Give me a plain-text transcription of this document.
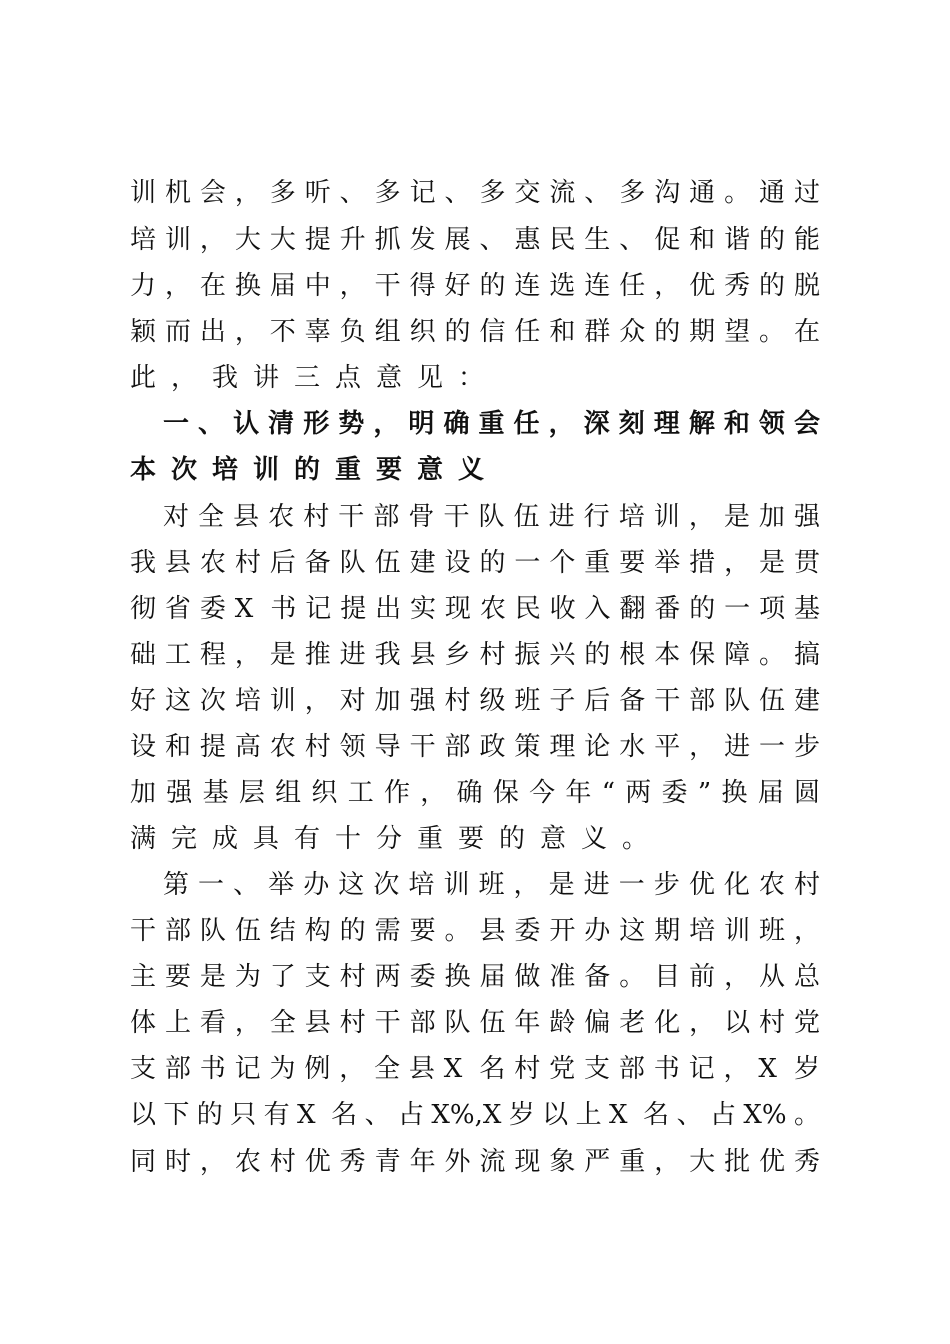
训机会，多听、多记、多交流、多沟通。通过
培训，大大提升抓发展、惠民生、促和谐的能
力，在换届中，干得好的连选连任，优秀的脱
颖而出，不辜负组织的信任和群众的期望。在
此，我讲三点意见：
一、认清形势，明确重任，深刻理解和领会
本次培训的重要意义
对全县农村干部骨干队伍进行培训，是加强
我县农村后备队伍建设的一个重要举措，是贯
彻省委X 书记提出实现农民收入翻番的一项基
础工程，是推进我县乡村振兴的根本保障。搞
好这次培训，对加强村级班子后备干部队伍建
设和提高农村领导干部政策理论水平，进一步
加强基层组织工作，确保今年“两委”换届圆
满完成具有十分重要的意义。
第一、举办这次培训班，是进一步优化农村
干部队伍结构的需要。县委开办这期培训班，
主要是为了支村两委换届做准备。目前，从总
体上看，全县村干部队伍年龄偏老化，以村党
支部书记为例，全县X 名村党支部书记，X 岁
以下的只有X 名、占X%,X岁以上X 名、占X%。
同时，农村优秀青年外流现象严重，大批优秀
